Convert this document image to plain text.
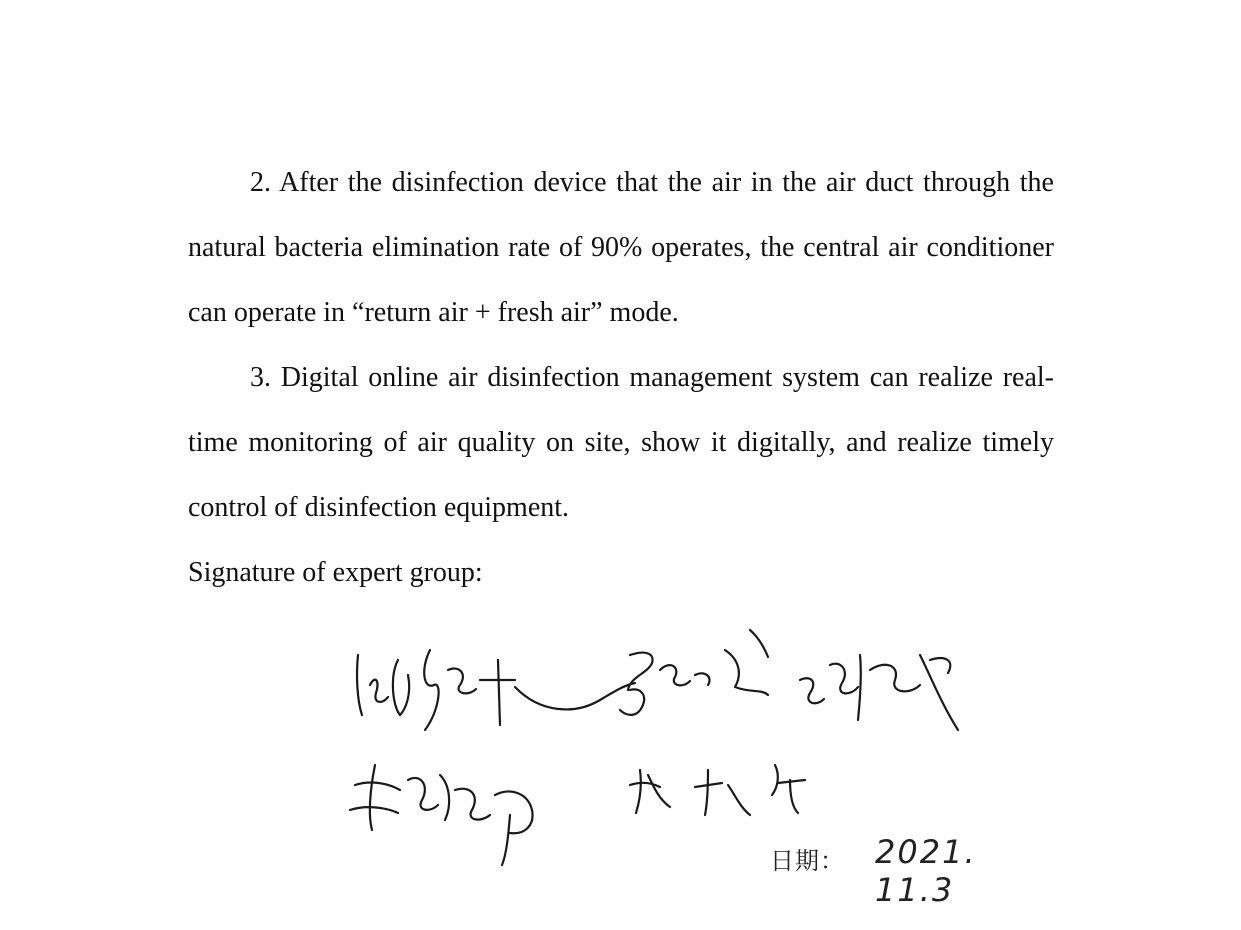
2. After the disinfection device that the air in the air duct through the natural bacteria elimination rate of 90% operates, the central air conditioner can operate in “return air + fresh air” mode.

3. Digital online air disinfection management system can realize real-time monitoring of air quality on site, show it digitally, and realize timely control of disinfection equipment.

Signature of expert group:

日期： 2021. 11.3
